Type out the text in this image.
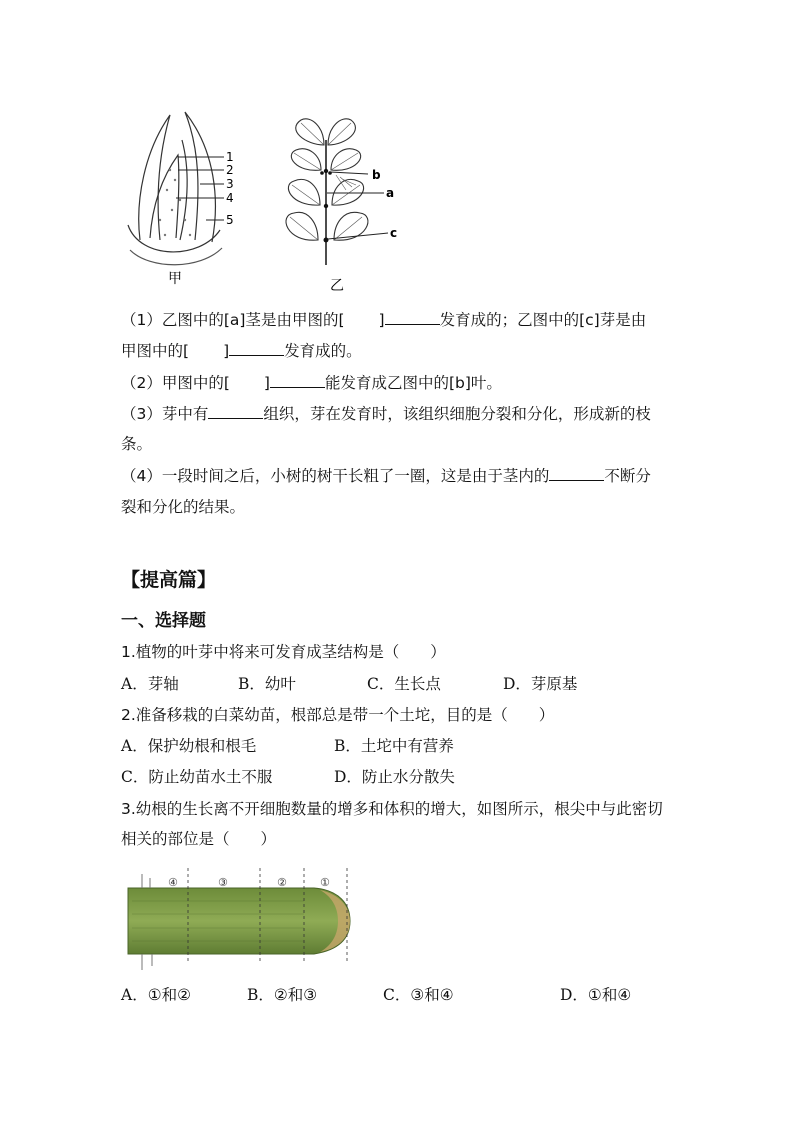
1
2
3
4
5
甲
b
a
c
乙
（1）乙图中的[a]茎是由甲图的[ ]	发育成的；乙图中的[c]芽是由
甲图中的[ ]	发育成的。
（2）甲图中的[ ]	能发育成乙图中的[b]叶。
（3）芽中有	组织，芽在发育时，该组织细胞分裂和分化，形成新的枝
条。
（4）一段时间之后，小树的树干长粗了一圈，这是由于茎内的	不断分
裂和分化的结果。
【提高篇】
一、选择题
1.植物的叶芽中将来可发育成茎结构是（　　）
A．芽轴	B．幼叶	C．生长点	D．芽原基
2.准备移栽的白菜幼苗，根部总是带一个土坨，目的是（　　）
A．保护幼根和根毛	B．土坨中有营养
C．防止幼苗水土不服	D．防止水分散失
3.幼根的生长离不开细胞数量的增多和体积的增大，如图所示，根尖中与此密切
相关的部位是（　　）
④	③	②	①
A．①和②	B．②和③	C．③和④	D．①和④
